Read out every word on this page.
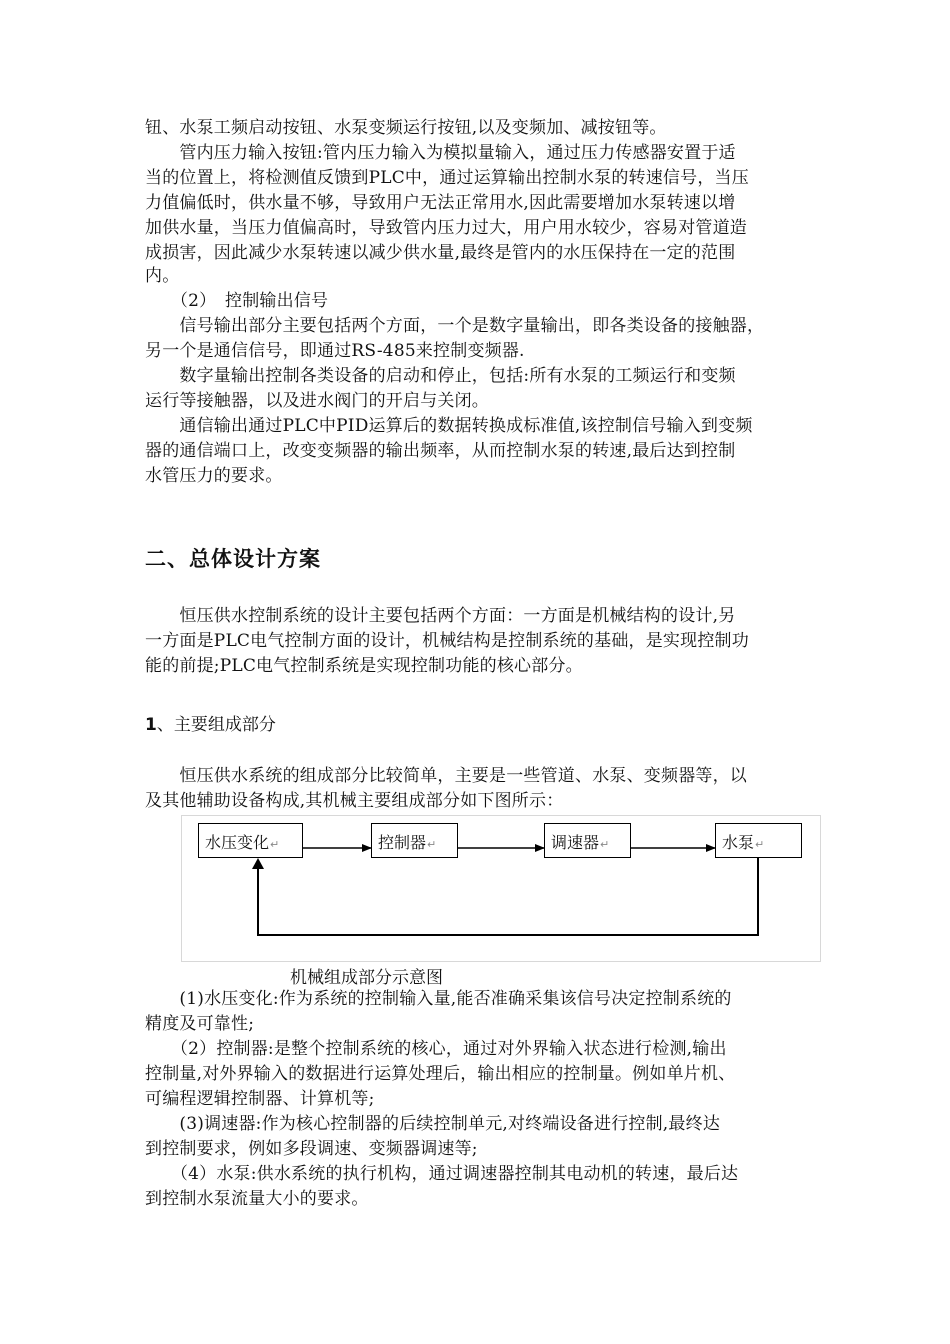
钮、水泵工频启动按钮、水泵变频运行按钮,以及变频加、减按钮等。
　　管内压力输入按钮:管内压力输入为模拟量输入，通过压力传感器安置于适
当的位置上，将检测值反馈到PLC中，通过运算输出控制水泵的转速信号，当压
力值偏低时，供水量不够，导致用户无法正常用水,因此需要增加水泵转速以增
加供水量，当压力值偏高时，导致管内压力过大，用户用水较少，容易对管道造
成损害，因此减少水泵转速以减少供水量,最终是管内的水压保持在一定的范围
内。
　　（2）　控制输出信号
　　信号输出部分主要包括两个方面，一个是数字量输出，即各类设备的接触器，
另一个是通信信号，即通过RS-485来控制变频器.
　　数字量输出控制各类设备的启动和停止，包括:所有水泵的工频运行和变频
运行等接触器，以及进水阀门的开启与关闭。
　　通信输出通过PLC中PID运算后的数据转换成标准值,该控制信号输入到变频
器的通信端口上，改变变频器的输出频率，从而控制水泵的转速,最后达到控制
水管压力的要求。
二、总体设计方案
　　恒压供水控制系统的设计主要包括两个方面：一方面是机械结构的设计,另
一方面是PLC电气控制方面的设计，机械结构是控制系统的基础，是实现控制功
能的前提;PLC电气控制系统是实现控制功能的核心部分。
1、主要组成部分
　　恒压供水系统的组成部分比较简单，主要是一些管道、水泵、变频器等，以
及其他辅助设备构成,其机械主要组成部分如下图所示：
水压变化↵	控制器↵	调速器↵	水泵↵
机械组成部分示意图
　　(1)水压变化:作为系统的控制输入量,能否准确采集该信号决定控制系统的
精度及可靠性;
　　（2）控制器:是整个控制系统的核心，通过对外界输入状态进行检测,输出
控制量,对外界输入的数据进行运算处理后，输出相应的控制量。例如单片机、
可编程逻辑控制器、计算机等;
　　(3)调速器:作为核心控制器的后续控制单元,对终端设备进行控制,最终达
到控制要求，例如多段调速、变频器调速等;
　　（4）水泵:供水系统的执行机构，通过调速器控制其电动机的转速，最后达
到控制水泵流量大小的要求。
